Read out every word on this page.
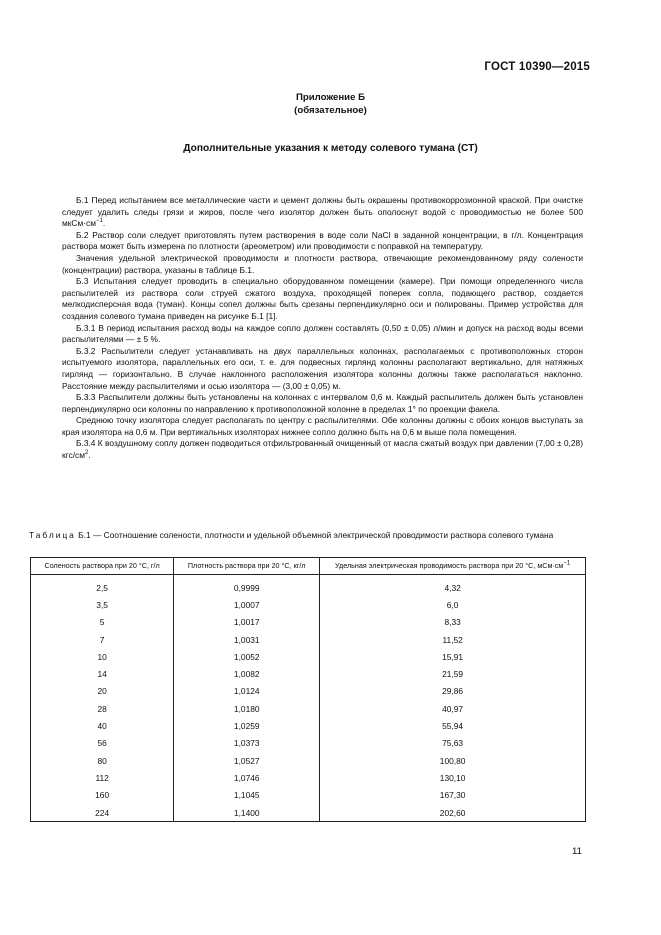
ГОСТ 10390—2015
Приложение Б
(обязательное)
Дополнительные указания к методу солевого тумана (СТ)

Б.1 Перед испытанием все металлические части и цемент должны быть окрашены противокоррозионной краской. При очистке следует удалить следы грязи и жиров, после чего изолятор должен быть ополоснут водой с проводимостью не более 500 $мкСм\cdot см^{-1}$.

Б.2 Раствор соли следует приготовлять путем растворения в воде соли NaCl в заданной концентрации, в г/л. Концентрация раствора может быть измерена по плотности (ареометром) или проводимости с поправкой на температуру.

Значения удельной электрической проводимости и плотности раствора, отвечающие рекомендованному ряду солености (концентрации) раствора, указаны в таблице Б.1.

Б.3 Испытания следует проводить в специально оборудованном помещении (камере). При помощи определенного числа распылителей из раствора соли струей сжатого воздуха, проходящей поперек сопла, подающего раствор, создается мелкодисперсная вода (туман). Концы сопел должны быть срезаны перпендикулярно оси и полированы. Пример устройства для создания солевого тумана приведен на рисунке Б.1 [1].

Б.3.1 В период испытания расход воды на каждое сопло должен составлять (0,50 ± 0,05) л/мин и допуск на расход воды всеми распылителями — ± 5 %.

Б.3.2 Распылители следует устанавливать на двух параллельных колоннах, располагаемых с противоположных сторон испытуемого изолятора, параллельных его оси, т. е. для подвесных гирлянд колонны располагают вертикально, для натяжных гирлянд — горизонтально. В случае наклонного расположения изолятора колонны должны также располагаться наклонно. Расстояние между распылителями и осью изолятора — (3,00 ± 0,05) м.

Б.3.3 Распылители должны быть установлены на колоннах с интервалом 0,6 м. Каждый распылитель должен быть установлен перпендикулярно оси колонны по направлению к противоположной колонне в пределах 1° по проекции факела.

Среднюю точку изолятора следует располагать по центру с распылителями. Обе колонны должны с обоих концов выступать за края изолятора на 0,6 м. При вертикальных изоляторах нижнее сопло должно быть на 0,6 м выше пола помещения.

Б.3.4 К воздушному соплу должен подводиться отфильтрованный очищенный от масла сжатый воздух при давлении (7,00 ± 0,28) кгс/$см^2$.

Таблица Б.1 — Соотношение солености, плотности и удельной объемной электрической проводимости раствора солевого тумана
Соленость раствора при 20 °С, г/л	Плотность раствора при 20 °С, кг/л	Удельная электрическая проводимость раствора при 20 °С, $мСм\cdot см^{-1}$
2,5	0,9999	4,32
3,5	1,0007	6,0
5	1,0017	8,33
7	1,0031	11,52
10	1,0052	15,91
14	1,0082	21,59
20	1,0124	29,86
28	1,0180	40,97
40	1,0259	55,94
56	1,0373	75,63
80	1,0527	100,80
112	1,0746	130,10
160	1,1045	167,30
224	1,1400	202,60
11
